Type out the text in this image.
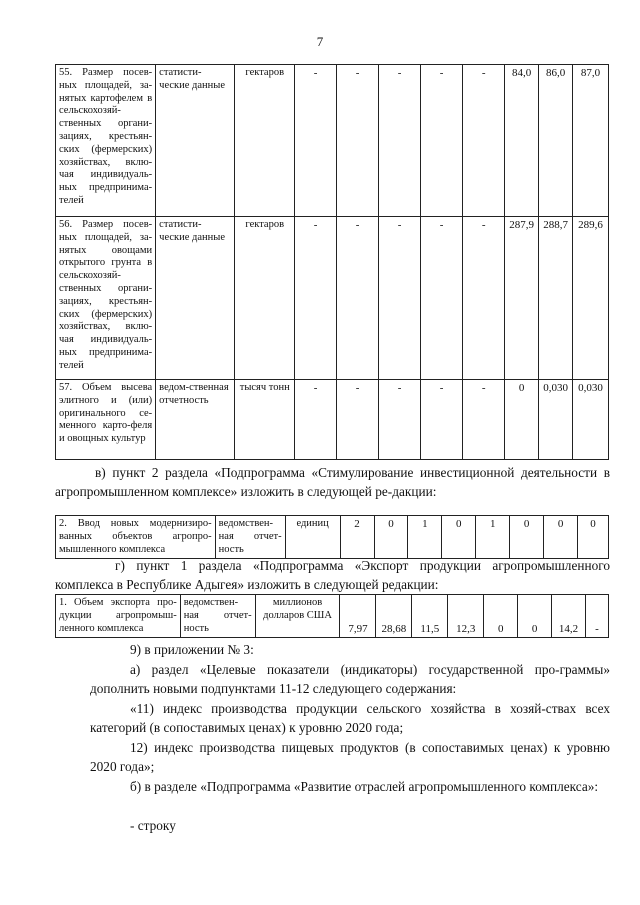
7
55. Размер посев-ных площадей, за-нятых картофелем в сельскохозяй-ственных органи-зациях, крестьян-ских (фермерских) хозяйствах, вклю-чая индивидуаль-ных предпринима-телей	статисти-ческие данные	гектаров	-	-	-	-	-	84,0	86,0	87,0
56. Размер посев-ных площадей, за-нятых овощами открытого грунта в сельскохозяй-ственных органи-зациях, крестьян-ских (фермерских) хозяйствах, вклю-чая индивидуаль-ных предпринима-телей	статисти-ческие данные	гектаров	-	-	-	-	-	287,9	288,7	289,6
57. Объем высева элитного и (или) оригинального се-менного карто-феля и овощных культур	ведом-ственная отчетность	тысяч тонн	-	-	-	-	-	0	0,030	0,030
в) пункт 2 раздела «Подпрограмма «Стимулирование инвестиционной деятельности в агропромышленном комплексе» изложить в следующей ре-дакции:
2. Ввод новых модернизиро-ванных объектов агропро-мышленного комплекса	ведомствен-ная отчет-ность	единиц	2	0	1	0	1	0	0	0
г) пункт 1 раздела «Подпрограмма «Экспорт продукции агропромышленного комплекса в Республике Адыгея» изложить в следующей редакции:
1. Объем экспорта про-дукции агропромыш-ленного комплекса	ведомствен-ная отчет-ность	миллионов долларов США	7,97	28,68	11,5	12,3	0	0	14,2	-
9) в приложении № 3:
а) раздел «Целевые показатели (индикаторы) государственной про-граммы» дополнить новыми подпунктами 11-12 следующего содержания:
«11) индекс производства продукции сельского хозяйства в хозяй-ствах всех категорий (в сопоставимых ценах) к уровню 2020 года;
12) индекс производства пищевых продуктов (в сопоставимых ценах) к уровню 2020 года»;
б) в разделе «Подпрограмма «Развитие отраслей агропромышленного комплекса»:
- строку
